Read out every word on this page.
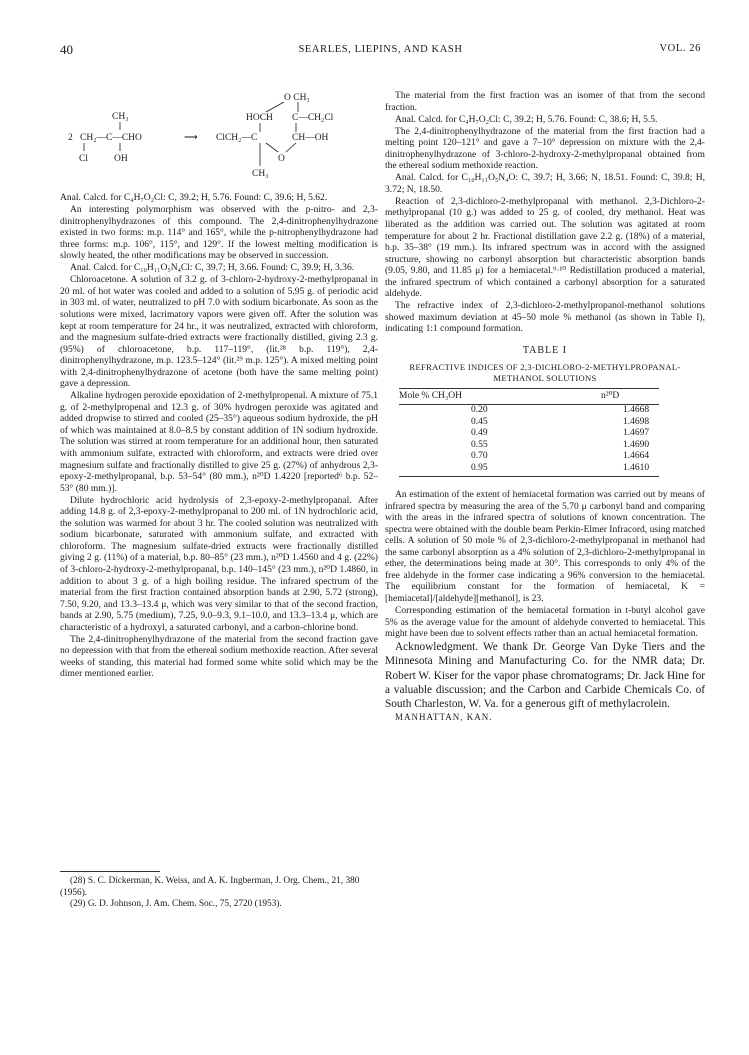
40	SEARLES, LIEPINS, AND KASH	VOL. 26
CH₃
2 CH₂—C—CHO
Cl	OH
⟶
O CH₃
HOCH C—CH₂Cl
ClCH₂—C	CH—OH
O
CH₃

Anal. Calcd. for C₄H₇O₂Cl: C, 39.2; H, 5.76. Found: C, 39.6; H, 5.62.

An interesting polymorphism was observed with the p-nitro- and 2,3-dinitrophenylhydrazones of this compound. The 2,4-dinitrophenylhydrazone existed in two forms: m.p. 114° and 165°, while the p-nitrophenylhydrazone had three forms: m.p. 106°, 115°, and 129°. If the lowest melting modification is slowly heated, the other modifications may be observed in succession.

Anal. Calcd. for C₁₀H₁₁O₅N₄Cl: C, 39.7; H, 3.66. Found: C, 39.9; H, 3.36.

Chloroacetone. A solution of 3.2 g. of 3-chloro-2-hydroxy-2-methylpropanal in 20 ml. of hot water was cooled and added to a solution of 5.95 g. of periodic acid in 303 ml. of water, neutralized to pH 7.0 with sodium bicarbonate. As soon as the solutions were mixed, lacrimatory vapors were given off. After the solution was kept at room temperature for 24 hr., it was neutralized, extracted with chloroform, and the magnesium sulfate-dried extracts were fractionally distilled, giving 2.3 g. (95%) of chloroacetone, b.p. 117–119°, (lit.²⁸ b.p. 119°), 2,4-dinitrophenylhydrazone, m.p. 123.5–124° (lit.²⁹ m.p. 125°). A mixed melting point with 2,4-dinitrophenylhydrazone of acetone (both have the same melting point) gave a depression.

Alkaline hydrogen peroxide epoxidation of 2-methylpropenal. A mixture of 75.1 g. of 2-methylpropenal and 12.3 g. of 30% hydrogen peroxide was agitated and added dropwise to stirred and cooled (25–35°) aqueous sodium hydroxide, the pH of which was maintained at 8.0–8.5 by constant addition of 1N sodium hydroxide. The solution was stirred at room temperature for an additional hour, then saturated with ammonium sulfate, extracted with chloroform, and extracts were dried over magnesium sulfate and fractionally distilled to give 25 g. (27%) of anhydrous 2,3-epoxy-2-methylpropanal, b.p. 53–54° (80 mm.), n²⁰D 1.4220 [reported⁶ b.p. 52–53° (80 mm.)].

Dilute hydrochloric acid hydrolysis of 2,3-epoxy-2-methylpropanal. After adding 14.8 g. of 2,3-epoxy-2-methylpropanal to 200 ml. of 1N hydrochloric acid, the solution was warmed for about 3 hr. The cooled solution was neutralized with sodium bicarbonate, saturated with ammonium sulfate, and extracted with chloroform. The magnesium sulfate-dried extracts were fractionally distilled giving 2 g. (11%) of a material, b.p. 80–85° (23 mm.), n²⁰D 1.4560 and 4 g. (22%) of 3-chloro-2-hydroxy-2-methylpropanal, b.p. 140–145° (23 mm.), n²⁰D 1.4860, in addition to about 3 g. of a high boiling residue. The infrared spectrum of the material from the first fraction contained absorption bands at 2.90, 5.72 (strong), 7.50, 9.20, and 13.3–13.4 μ, which was very similar to that of the second fraction, bands at 2.90, 5.75 (medium), 7.25, 9.0–9.3, 9.1–10.0, and 13.3–13.4 μ, which are characteristic of a hydroxyl, a saturated carbonyl, and a carbon-chlorine bond.

The 2,4-dinitrophenylhydrazone of the material from the second fraction gave no depression with that from the ethereal sodium methoxide reaction. After several weeks of standing, this material had formed some white solid which may be the dimer mentioned earlier.

(28) S. C. Dickerman, K. Weiss, and A. K. Ingberman, J. Org. Chem., 21, 380 (1956).

(29) G. D. Johnson, J. Am. Chem. Soc., 75, 2720 (1953).

The material from the first fraction was an isomer of that from the second fraction.

Anal. Calcd. for C₄H₇O₂Cl: C, 39.2; H, 5.76. Found: C, 38.6; H, 5.5.

The 2,4-dinitrophenylhydrazone of the material from the first fraction had a melting point 120–121° and gave a 7–10° depression on mixture with the 2,4-dinitrophenylhydrazone of 3-chloro-2-hydroxy-2-methylpropanal obtained from the ethereal sodium methoxide reaction.

Anal. Calcd. for C₁₀H₁₁O₅N₄O: C, 39.7; H, 3.66; N, 18.51. Found: C, 39.8; H, 3.72; N, 18.50.

Reaction of 2,3-dichloro-2-methylpropanal with methanol. 2,3-Dichloro-2-methylpropanal (10 g.) was added to 25 g. of cooled, dry methanol. Heat was liberated as the addition was carried out. The solution was agitated at room temperature for about 2 hr. Fractional distillation gave 2.2 g. (18%) of a material, b.p. 35–38° (19 mm.). Its infrared spectrum was in accord with the assigned structure, showing no carbonyl absorption but characteristic absorption bands (9.05, 9.80, and 11.85 μ) for a hemiacetal.⁹·¹⁰ Redistillation produced a material, the infrared spectrum of which contained a carbonyl absorption for a saturated aldehyde.

The refractive index of 2,3-dichloro-2-methylpropanol-methanol solutions showed maximum deviation at 45–50 mole % methanol (as shown in Table I), indicating 1:1 compound formation.

TABLE I
REFRACTIVE INDICES OF 2,3-DICHLORO-2-METHYLPROPANAL-
METHANOL SOLUTIONS
Mole % CH₃OH	n²⁰D
0.20	1.4668
0.45	1.4698
0.49	1.4697
0.55	1.4690
0.70	1.4664
0.95	1.4610

An estimation of the extent of hemiacetal formation was carried out by means of infrared spectra by measuring the area of the 5.70 μ carbonyl band and comparing with the areas in the infrared spectra of solutions of known concentration. The spectra were obtained with the double beam Perkin-Elmer Infracord, using matched cells. A solution of 50 mole % of 2,3-dichloro-2-methylpropanal in methanol had the same carbonyl absorption as a 4% solution of 2,3-dichloro-2-methylpropanal in ether, the determinations being made at 30°. This corresponds to only 4% of the free aldehyde in the former case indicating a 96% conversion to the hemiacetal. The equilibrium constant for the formation of hemiacetal, K = [hemiacetal]/[aldehyde][methanol], is 23.

Corresponding estimation of the hemiacetal formation in t-butyl alcohol gave 5% as the average value for the amount of aldehyde converted to hemiacetal. This might have been due to solvent effects rather than an actual hemiacetal formation.

Acknowledgment. We thank Dr. George Van Dyke Tiers and the Minnesota Mining and Manufacturing Co. for the NMR data; Dr. Robert W. Kiser for the vapor phase chromatograms; Dr. Jack Hine for a valuable discussion; and the Carbon and Carbide Chemicals Co. of South Charleston, W. Va. for a generous gift of methylacrolein.

MANHATTAN, KAN.
